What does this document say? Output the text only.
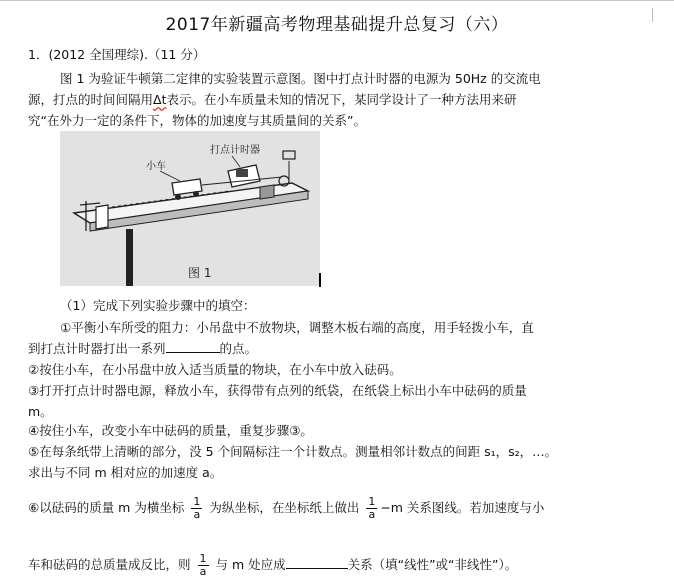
2017年新疆高考物理基础提升总复习（六）
1．(2012 全国理综).（11 分）
图 1 为验证牛顿第二定律的实验装置示意图。图中打点计时器的电源为 50Hz 的交流电
源，打点的时间间隔用Δt表示。在小车质量未知的情况下，某同学设计了一种方法用来研
究“在外力一定的条件下，物体的加速度与其质量间的关系”。
小车
打点计时器
图 1
（1）完成下列实验步骤中的填空：
①平衡小车所受的阻力：小吊盘中不放物块，调整木板右端的高度，用手轻拨小车，直
到打点计时器打出一系列	的点。
②按住小车，在小吊盘中放入适当质量的物块，在小车中放入砝码。
③打开打点计时器电源，释放小车，获得带有点列的纸袋，在纸袋上标出小车中砝码的质量
m。
④按住小车，改变小车中砝码的质量，重复步骤③。
⑤在每条纸带上清晰的部分，没 5 个间隔标注一个计数点。测量相邻计数点的间距 s₁，s₂，…。
求出与不同 m 相对应的加速度 a。
⑥以砝码的质量 m 为横坐标 $\frac{1}{a}$ 为纵坐标，在坐标纸上做出 $\frac{1}{a} -m$ 关系图线。若加速度与小
车和砝码的总质量成反比，则 $\frac{1}{a}$ 与 m 处应成	关系（填“线性”或“非线性”）。
